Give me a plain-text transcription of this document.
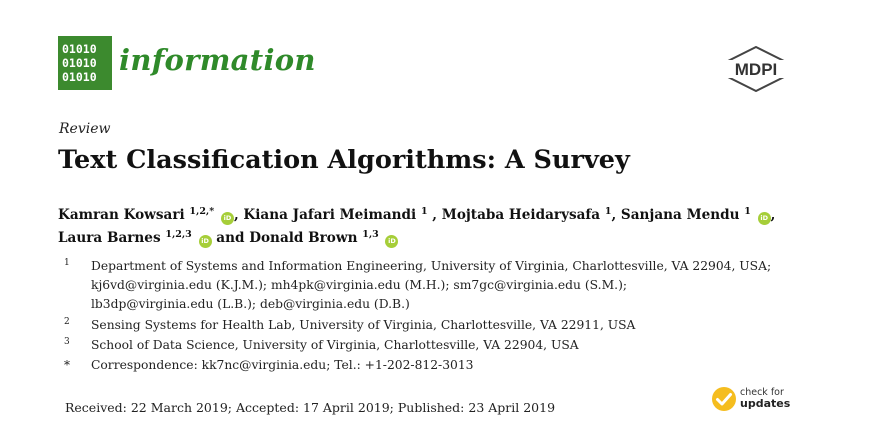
01010
01010
01010 information	MDPI
Review
Text Classification Algorithms: A Survey
Kamran Kowsari $^{1,2,*}$ iD , Kiana Jafari Meimandi $^1$ , Mojtaba Heidarysafa $^1$, Sanjana Mendu $^1$ iD ,
Laura Barnes $^{1,2,3}$ iD and Donald Brown $^{1,3}$ iD
1 Department of Systems and Information Engineering, University of Virginia, Charlottesville, VA 22904, USA;
kj6vd@virginia.edu (K.J.M.); mh4pk@virginia.edu (M.H.); sm7gc@virginia.edu (S.M.);
lb3dp@virginia.edu (L.B.); deb@virginia.edu (D.B.)
2 Sensing Systems for Health Lab, University of Virginia, Charlottesville, VA 22911, USA
3 School of Data Science, University of Virginia, Charlottesville, VA 22904, USA
* Correspondence: kk7nc@virginia.edu; Tel.: +1-202-812-3013
Received: 22 March 2019; Accepted: 17 April 2019; Published: 23 April 2019
check for
updates
